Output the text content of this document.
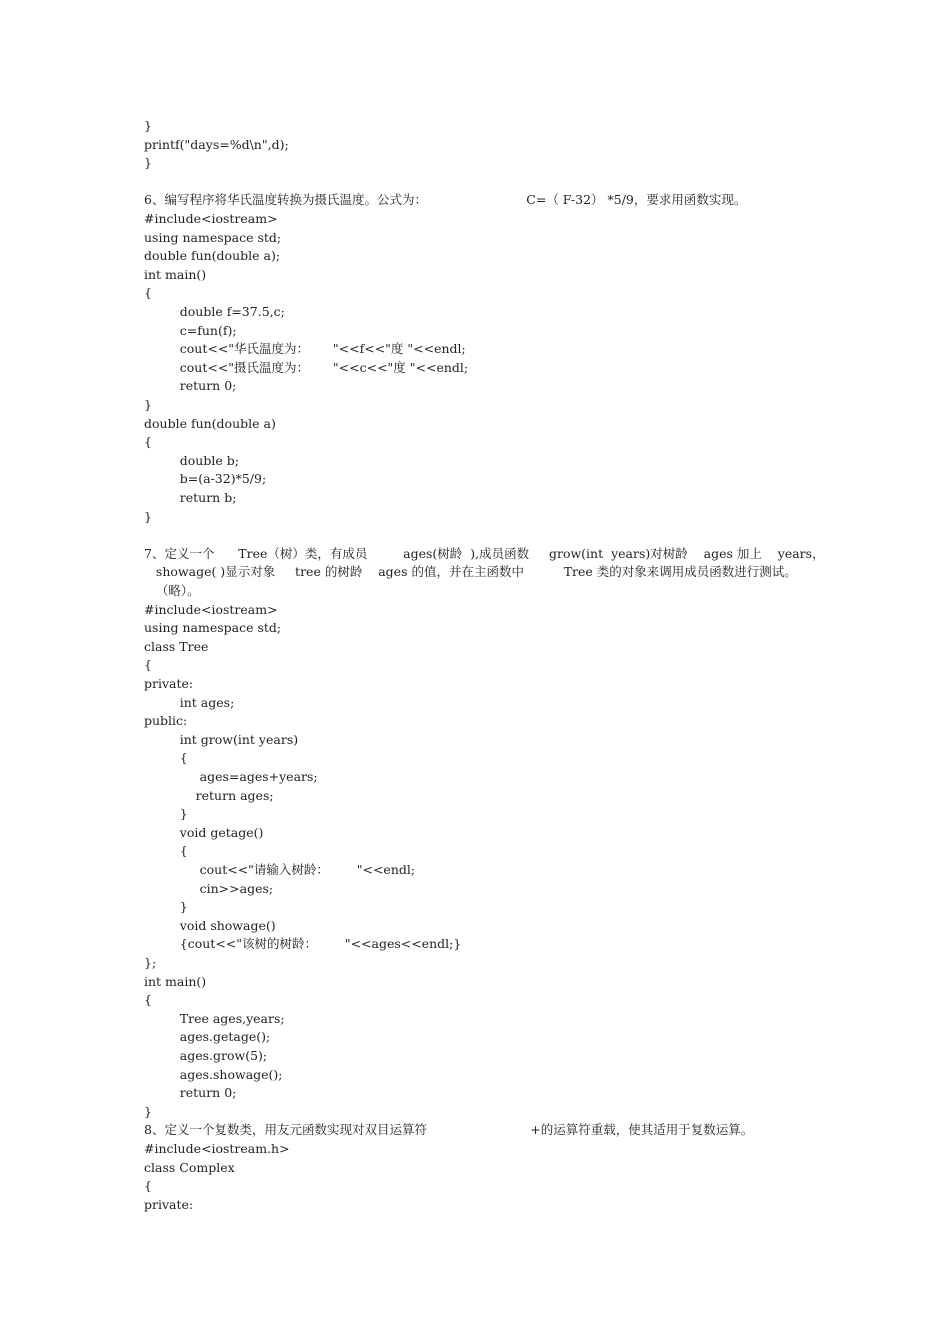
}
printf("days=%d\n",d);
}
6、编写程序将华氏温度转换为摄氏温度。公式为：                         C=（ F-32） *5/9，要求用函数实现。
#include<iostream>
using namespace std;
double fun(double a);
int main()
{
double f=37.5,c;
c=fun(f);
cout<<"华氏温度为：      "<<f<<"度 "<<endl;
cout<<"摄氏温度为：      "<<c<<"度 "<<endl;
return 0;
}
double fun(double a)
{
double b;
b=(a-32)*5/9;
return b;
}
7、定义一个      Tree（树）类，有成员         ages(树龄  ),成员函数     grow(int  years)对树龄    ages 加上    years，
showage( )显示对象     tree 的树龄    ages 的值，并在主函数中          Tree 类的对象来调用成员函数进行测试。
（略）。
#include<iostream>
using namespace std;
class Tree
{
private:
int ages;
public:
int grow(int years)
{
ages=ages+years;
return ages;
}
void getage()
{
cout<<"请输入树龄：       "<<endl;
cin>>ages;
}
void showage()
{cout<<"该树的树龄：       "<<ages<<endl;}
};
int main()
{
Tree ages,years;
ages.getage();
ages.grow(5);
ages.showage();
return 0;
}
8、定义一个复数类，用友元函数实现对双目运算符                          +的运算符重载，使其适用于复数运算。
#include<iostream.h>
class Complex
{
private:
